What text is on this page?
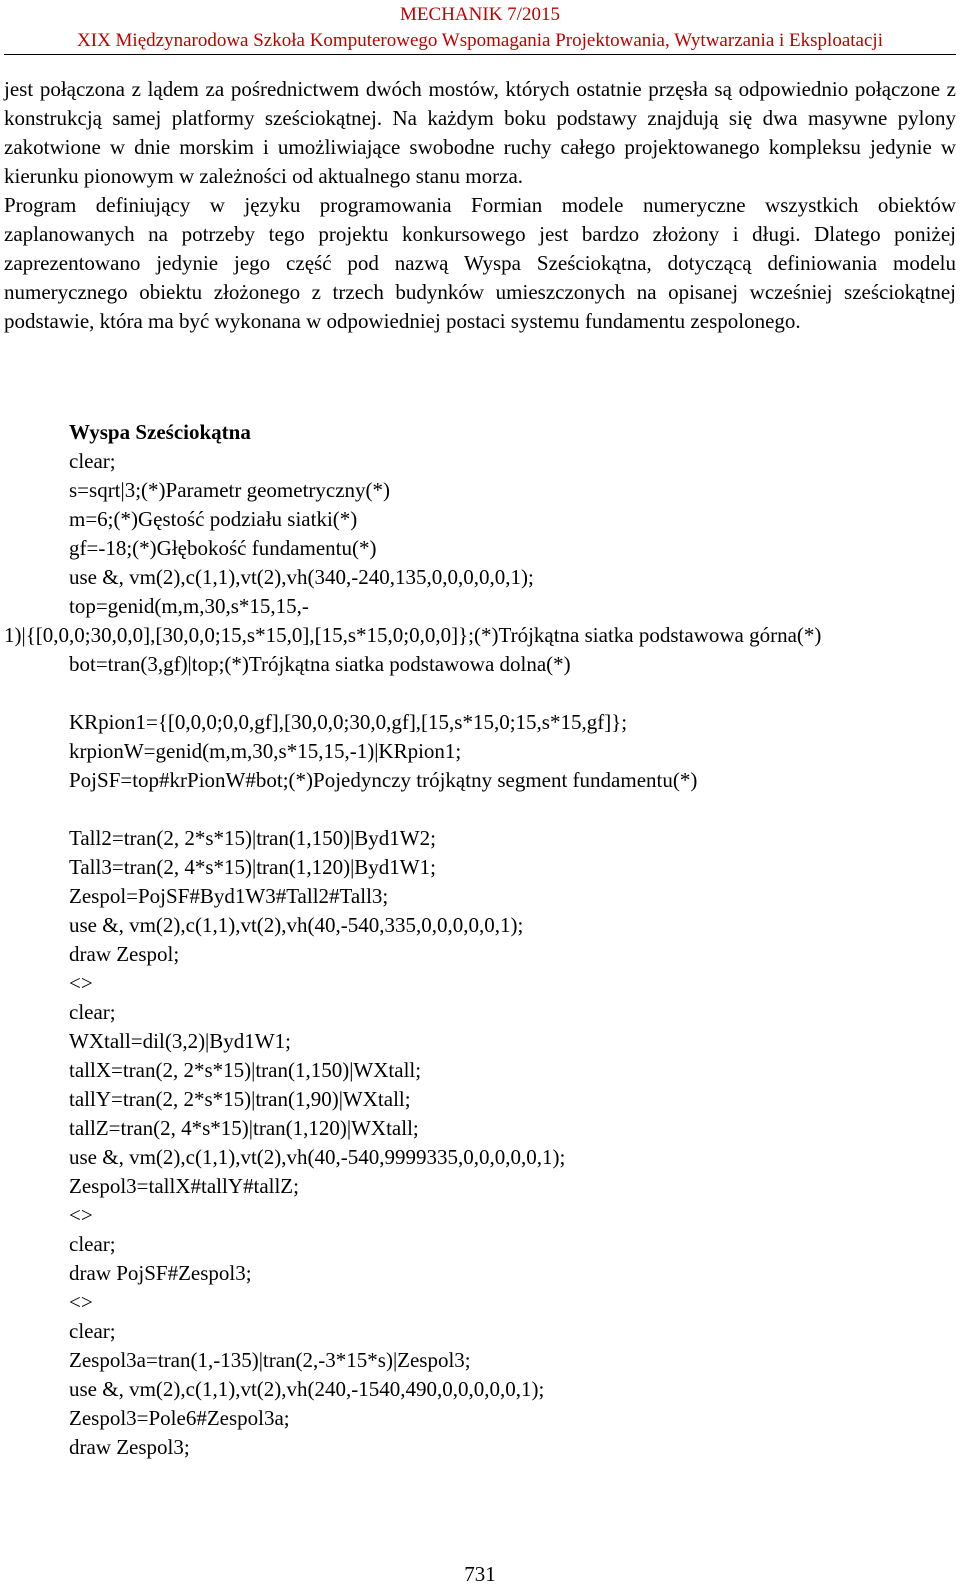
MECHANIK 7/2015
XIX Międzynarodowa Szkoła Komputerowego Wspomagania Projektowania, Wytwarzania i Eksploatacji

jest połączona z lądem za pośrednictwem dwóch mostów, których ostatnie przęsła są odpowiednio połączone z konstrukcją samej platformy sześciokątnej. Na każdym boku podstawy znajdują się dwa masywne pylony zakotwione w dnie morskim i umożliwiające swobodne ruchy całego projektowanego kompleksu jedynie w kierunku pionowym w zależności od aktualnego stanu morza.

Program definiujący w języku programowania Formian modele numeryczne wszystkich obiektów zaplanowanych na potrzeby tego projektu konkursowego jest bardzo złożony i długi. Dlatego poniżej zaprezentowano jedynie jego część pod nazwą Wyspa Sześciokątna, dotyczącą definiowania modelu numerycznego obiektu złożonego z trzech budynków umieszczonych na opisanej wcześniej sześciokątnej podstawie, która ma być wykonana w odpowiedniej postaci systemu fundamentu zespolonego.

Wyspa Sześciokątna
clear;
s=sqrt|3;(*)Parametr geometryczny(*)
m=6;(*)Gęstość podziału siatki(*)
gf=-18;(*)Głębokość fundamentu(*)
use &, vm(2),c(1,1),vt(2),vh(340,-240,135,0,0,0,0,0,1);
top=genid(m,m,30,s*15,15,-
1)|{[0,0,0;30,0,0],[30,0,0;15,s*15,0],[15,s*15,0;0,0,0]};(*)Trójkątna siatka podstawowa górna(*)
bot=tran(3,gf)|top;(*)Trójkątna siatka podstawowa dolna(*)
KRpion1={[0,0,0;0,0,gf],[30,0,0;30,0,gf],[15,s*15,0;15,s*15,gf]};
krpionW=genid(m,m,30,s*15,15,-1)|KRpion1;
PojSF=top#krPionW#bot;(*)Pojedynczy trójkątny segment fundamentu(*)
Tall2=tran(2, 2*s*15)|tran(1,150)|Byd1W2;
Tall3=tran(2, 4*s*15)|tran(1,120)|Byd1W1;
Zespol=PojSF#Byd1W3#Tall2#Tall3;
use &, vm(2),c(1,1),vt(2),vh(40,-540,335,0,0,0,0,0,1);
draw Zespol;
<>
clear;
WXtall=dil(3,2)|Byd1W1;
tallX=tran(2, 2*s*15)|tran(1,150)|WXtall;
tallY=tran(2, 2*s*15)|tran(1,90)|WXtall;
tallZ=tran(2, 4*s*15)|tran(1,120)|WXtall;
use &, vm(2),c(1,1),vt(2),vh(40,-540,9999335,0,0,0,0,0,1);
Zespol3=tallX#tallY#tallZ;
<>
clear;
draw PojSF#Zespol3;
<>
clear;
Zespol3a=tran(1,-135)|tran(2,-3*15*s)|Zespol3;
use &, vm(2),c(1,1),vt(2),vh(240,-1540,490,0,0,0,0,0,1);
Zespol3=Pole6#Zespol3a;
draw Zespol3;
731
